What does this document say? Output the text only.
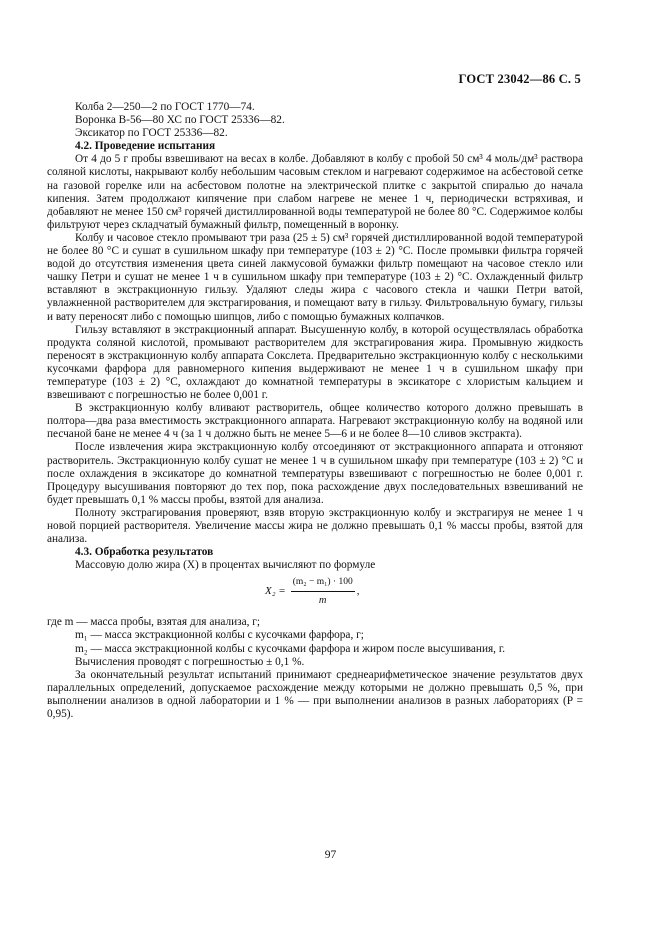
ГОСТ 23042—86 С. 5

Колба 2—250—2 по ГОСТ 1770—74.

Воронка В-56—80 ХС по ГОСТ 25336—82.

Эксикатор по ГОСТ 25336—82.

4.2. Проведение испытания

От 4 до 5 г пробы взвешивают на весах в колбе. Добавляют в колбу с пробой 50 см³ 4 моль/дм³ раствора соляной кислоты, накрывают колбу небольшим часовым стеклом и нагревают содержимое на асбестовой сетке на газовой горелке или на асбестовом полотне на электрической плитке с закрытой спиралью до начала кипения. Затем продолжают кипячение при слабом нагреве не менее 1 ч, периодически встряхивая, и добавляют не менее 150 см³ горячей дистиллированной воды температурой не более 80 °С. Содержимое колбы фильтруют через складчатый бумажный фильтр, помещенный в воронку.

Колбу и часовое стекло промывают три раза (25 ± 5) см³ горячей дистиллированной водой температурой не более 80 °С и сушат в сушильном шкафу при температуре (103 ± 2) °С. После промывки фильтра горячей водой до отсутствия изменения цвета синей лакмусовой бумажки фильтр помещают на часовое стекло или чашку Петри и сушат не менее 1 ч в сушильном шкафу при температуре (103 ± 2) °С. Охлажденный фильтр вставляют в экстракционную гильзу. Удаляют следы жира с часового стекла и чашки Петри ватой, увлажненной растворителем для экстрагирования, и помещают вату в гильзу. Фильтровальную бумагу, гильзы и вату переносят либо с помощью шипцов, либо с помощью бумажных колпачков.

Гильзу вставляют в экстракционный аппарат. Высушенную колбу, в которой осуществлялась обработка продукта соляной кислотой, промывают растворителем для экстрагирования жира. Промывную жидкость переносят в экстракционную колбу аппарата Сокслета. Предварительно экстракционную колбу с несколькими кусочками фарфора для равномерного кипения выдерживают не менее 1 ч в сушильном шкафу при температуре (103 ± 2) °С, охлаждают до комнатной температуры в эксикаторе с хлористым кальцием и взвешивают с погрешностью не более 0,001 г.

В экстракционную колбу вливают растворитель, общее количество которого должно превышать в полтора—два раза вместимость экстракционного аппарата. Нагревают экстракционную колбу на водяной или песчаной бане не менее 4 ч (за 1 ч должно быть не менее 5—6 и не более 8—10 сливов экстракта).

После извлечения жира экстракционную колбу отсоединяют от экстракционного аппарата и отгоняют растворитель. Экстракционную колбу сушат не менее 1 ч в сушильном шкафу при температуре (103 ± 2) °С и после охлаждения в эксикаторе до комнатной температуры взвешивают с погрешностью не более 0,001 г. Процедуру высушивания повторяют до тех пор, пока расхождение двух последовательных взвешиваний не будет превышать 0,1 % массы пробы, взятой для анализа.

Полноту экстрагирования проверяют, взяв вторую экстракционную колбу и экстрагируя не менее 1 ч новой порцией растворителя. Увеличение массы жира не должно превышать 0,1 % массы пробы, взятой для анализа.

4.3. Обработка результатов

Массовую долю жира (X) в процентах вычисляют по формуле

$X_2 = \frac{\text{(m₂ − m₁) · 100}}{m}$ ,

где m — масса пробы, взятая для анализа, г;

m₁ — масса экстракционной колбы с кусочками фарфора, г;

m₂ — масса экстракционной колбы с кусочками фарфора и жиром после высушивания, г.

Вычисления проводят с погрешностью ± 0,1 %.

За окончательный результат испытаний принимают среднеарифметическое значение результатов двух параллельных определений, допускаемое расхождение между которыми не должно превышать 0,5 %, при выполнении анализов в одной лаборатории и 1 % — при выполнении анализов в разных лабораториях (P = 0,95).

97
